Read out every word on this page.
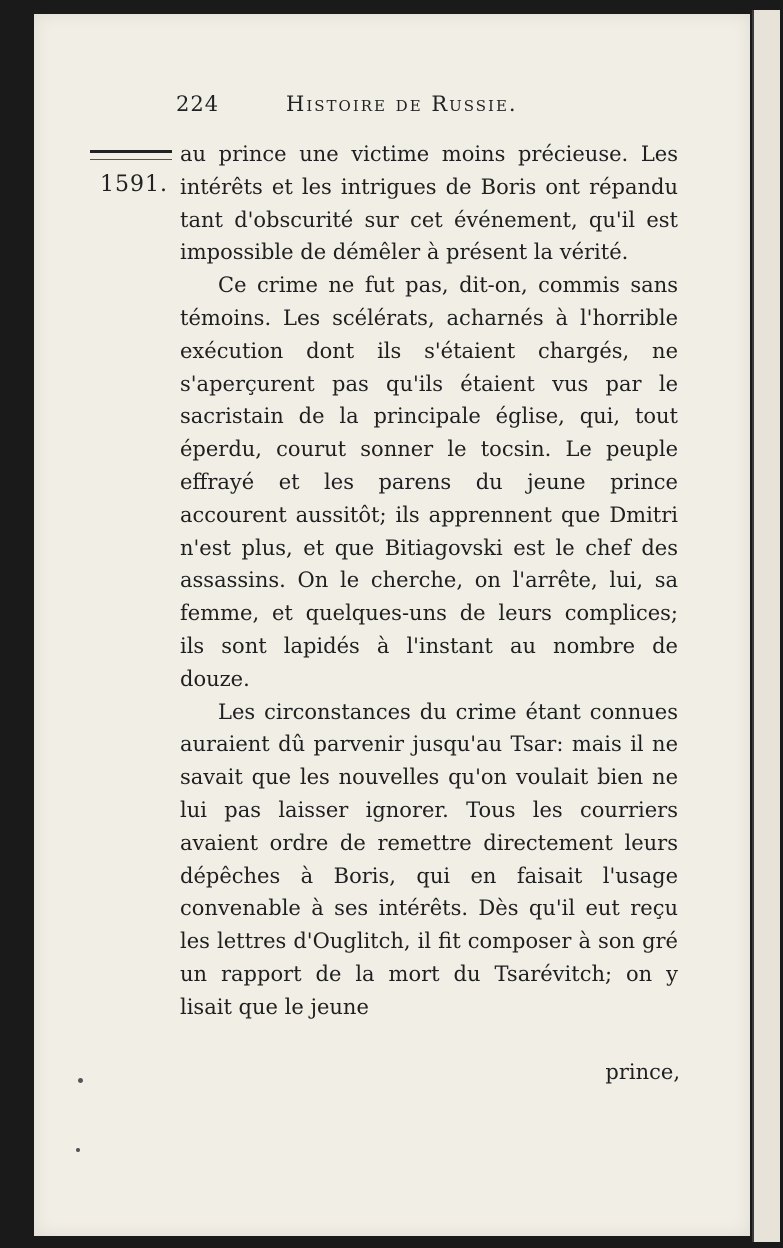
224	Histoire de Russie.
1591.

au prince une victime moins précieuse. Les intérêts et les intrigues de Boris ont répandu tant d'obscurité sur cet événement, qu'il est impossible de démêler à présent la vérité.

Ce crime ne fut pas, dit-on, commis sans témoins. Les scélérats, acharnés à l'horrible exécution dont ils s'étaient chargés, ne s'aperçurent pas qu'ils étaient vus par le sacristain de la principale église, qui, tout éperdu, courut sonner le tocsin. Le peuple effrayé et les parens du jeune prince accourent aussitôt; ils apprennent que Dmitri n'est plus, et que Bitiagovski est le chef des assassins. On le cherche, on l'arrête, lui, sa femme, et quelques-uns de leurs complices; ils sont lapidés à l'instant au nombre de douze.

Les circonstances du crime étant connues auraient dû parvenir jusqu'au Tsar: mais il ne savait que les nouvelles qu'on voulait bien ne lui pas laisser ignorer. Tous les courriers avaient ordre de remettre directement leurs dépêches à Boris, qui en faisait l'usage convenable à ses intérêts. Dès qu'il eut reçu les lettres d'Ouglitch, il fit composer à son gré un rapport de la mort du Tsarévitch; on y lisait que le jeune

prince,
